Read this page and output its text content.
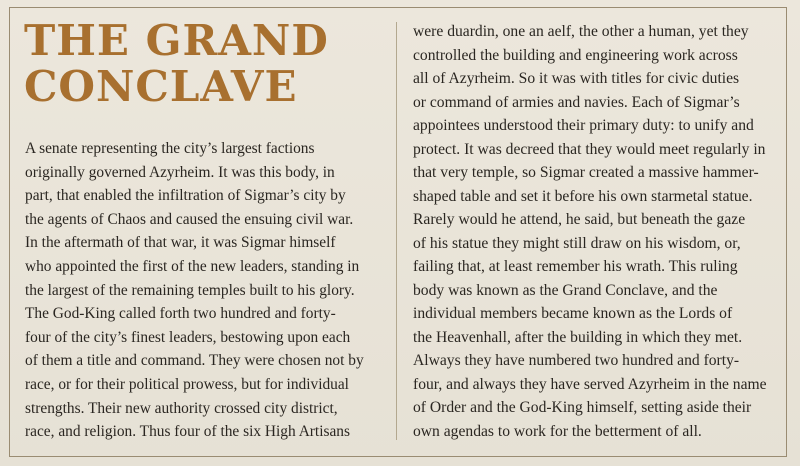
THE GRAND
CONCLAVE
A senate representing the city’s largest factions
originally governed Azyrheim. It was this body, in
part, that enabled the infiltration of Sigmar’s city by
the agents of Chaos and caused the ensuing civil war.
In the aftermath of that war, it was Sigmar himself
who appointed the first of the new leaders, standing in
the largest of the remaining temples built to his glory.
The God-King called forth two hundred and forty-
four of the city’s finest leaders, bestowing upon each
of them a title and command. They were chosen not by
race, or for their political prowess, but for individual
strengths. Their new authority crossed city district,
race, and religion. Thus four of the six High Artisans
were duardin, one an aelf, the other a human, yet they
controlled the building and engineering work across
all of Azyrheim. So it was with titles for civic duties
or command of armies and navies. Each of Sigmar’s
appointees understood their primary duty: to unify and
protect. It was decreed that they would meet regularly in
that very temple, so Sigmar created a massive hammer-
shaped table and set it before his own starmetal statue.
Rarely would he attend, he said, but beneath the gaze
of his statue they might still draw on his wisdom, or,
failing that, at least remember his wrath. This ruling
body was known as the Grand Conclave, and the
individual members became known as the Lords of
the Heavenhall, after the building in which they met.
Always they have numbered two hundred and forty-
four, and always they have served Azyrheim in the name
of Order and the God-King himself, setting aside their
own agendas to work for the betterment of all.
